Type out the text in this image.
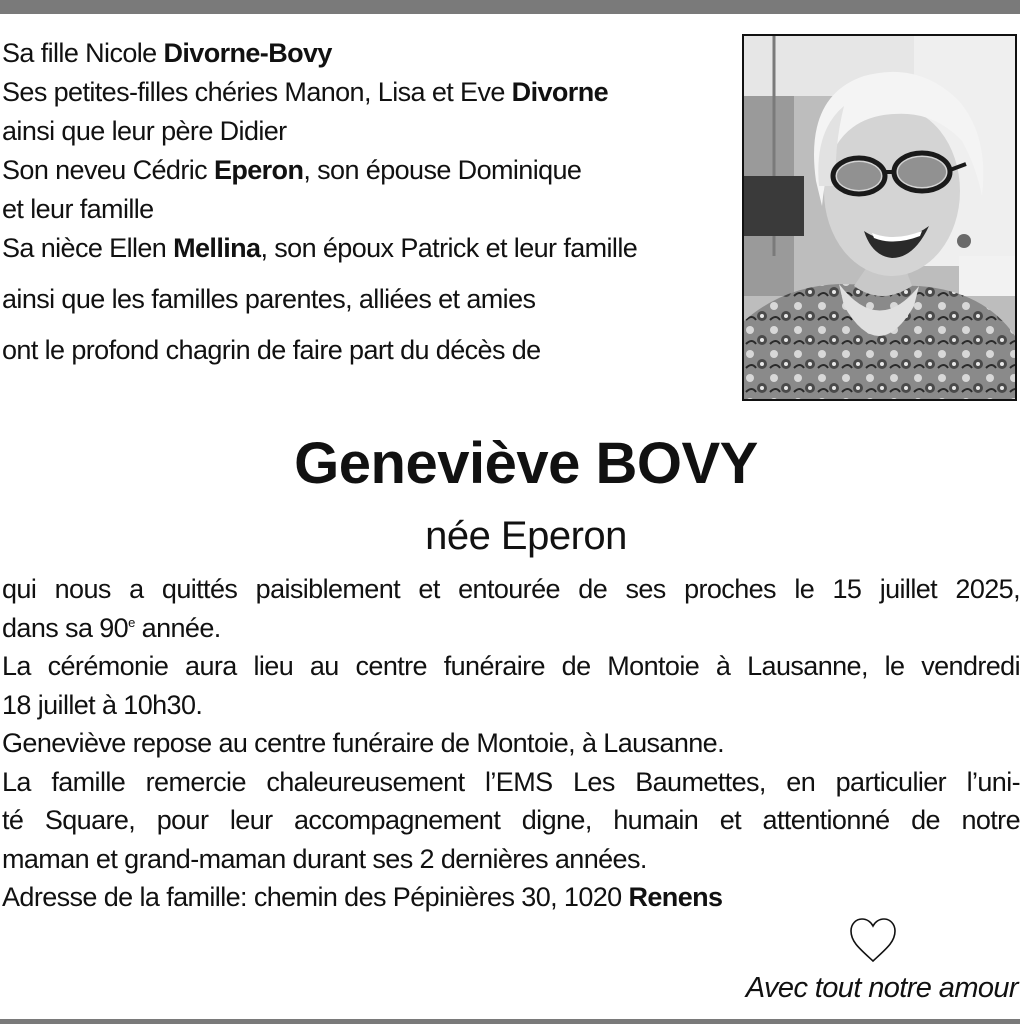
Sa fille Nicole Divorne-Bovy
Ses petites-filles chéries Manon, Lisa et Eve Divorne
ainsi que leur père Didier
Son neveu Cédric Eperon, son épouse Dominique
et leur famille
Sa nièce Ellen Mellina, son époux Patrick et leur famille
ainsi que les familles parentes, alliées et amies
ont le profond chagrin de faire part du décès de
Geneviève BOVY
née Eperon
qui nous a quittés paisiblement et entourée de ses proches le 15 juillet 2025,
dans sa 90e année.
La cérémonie aura lieu au centre funéraire de Montoie à Lausanne, le vendredi
18 juillet à 10h30.
Geneviève repose au centre funéraire de Montoie, à Lausanne.
La famille remercie chaleureusement l’EMS Les Baumettes, en particulier l’uni-
té Square, pour leur accompagnement digne, humain et attentionné de notre
maman et grand-maman durant ses 2 dernières années.
Adresse de la famille: chemin des Pépinières 30, 1020 Renens
Avec tout notre amour
